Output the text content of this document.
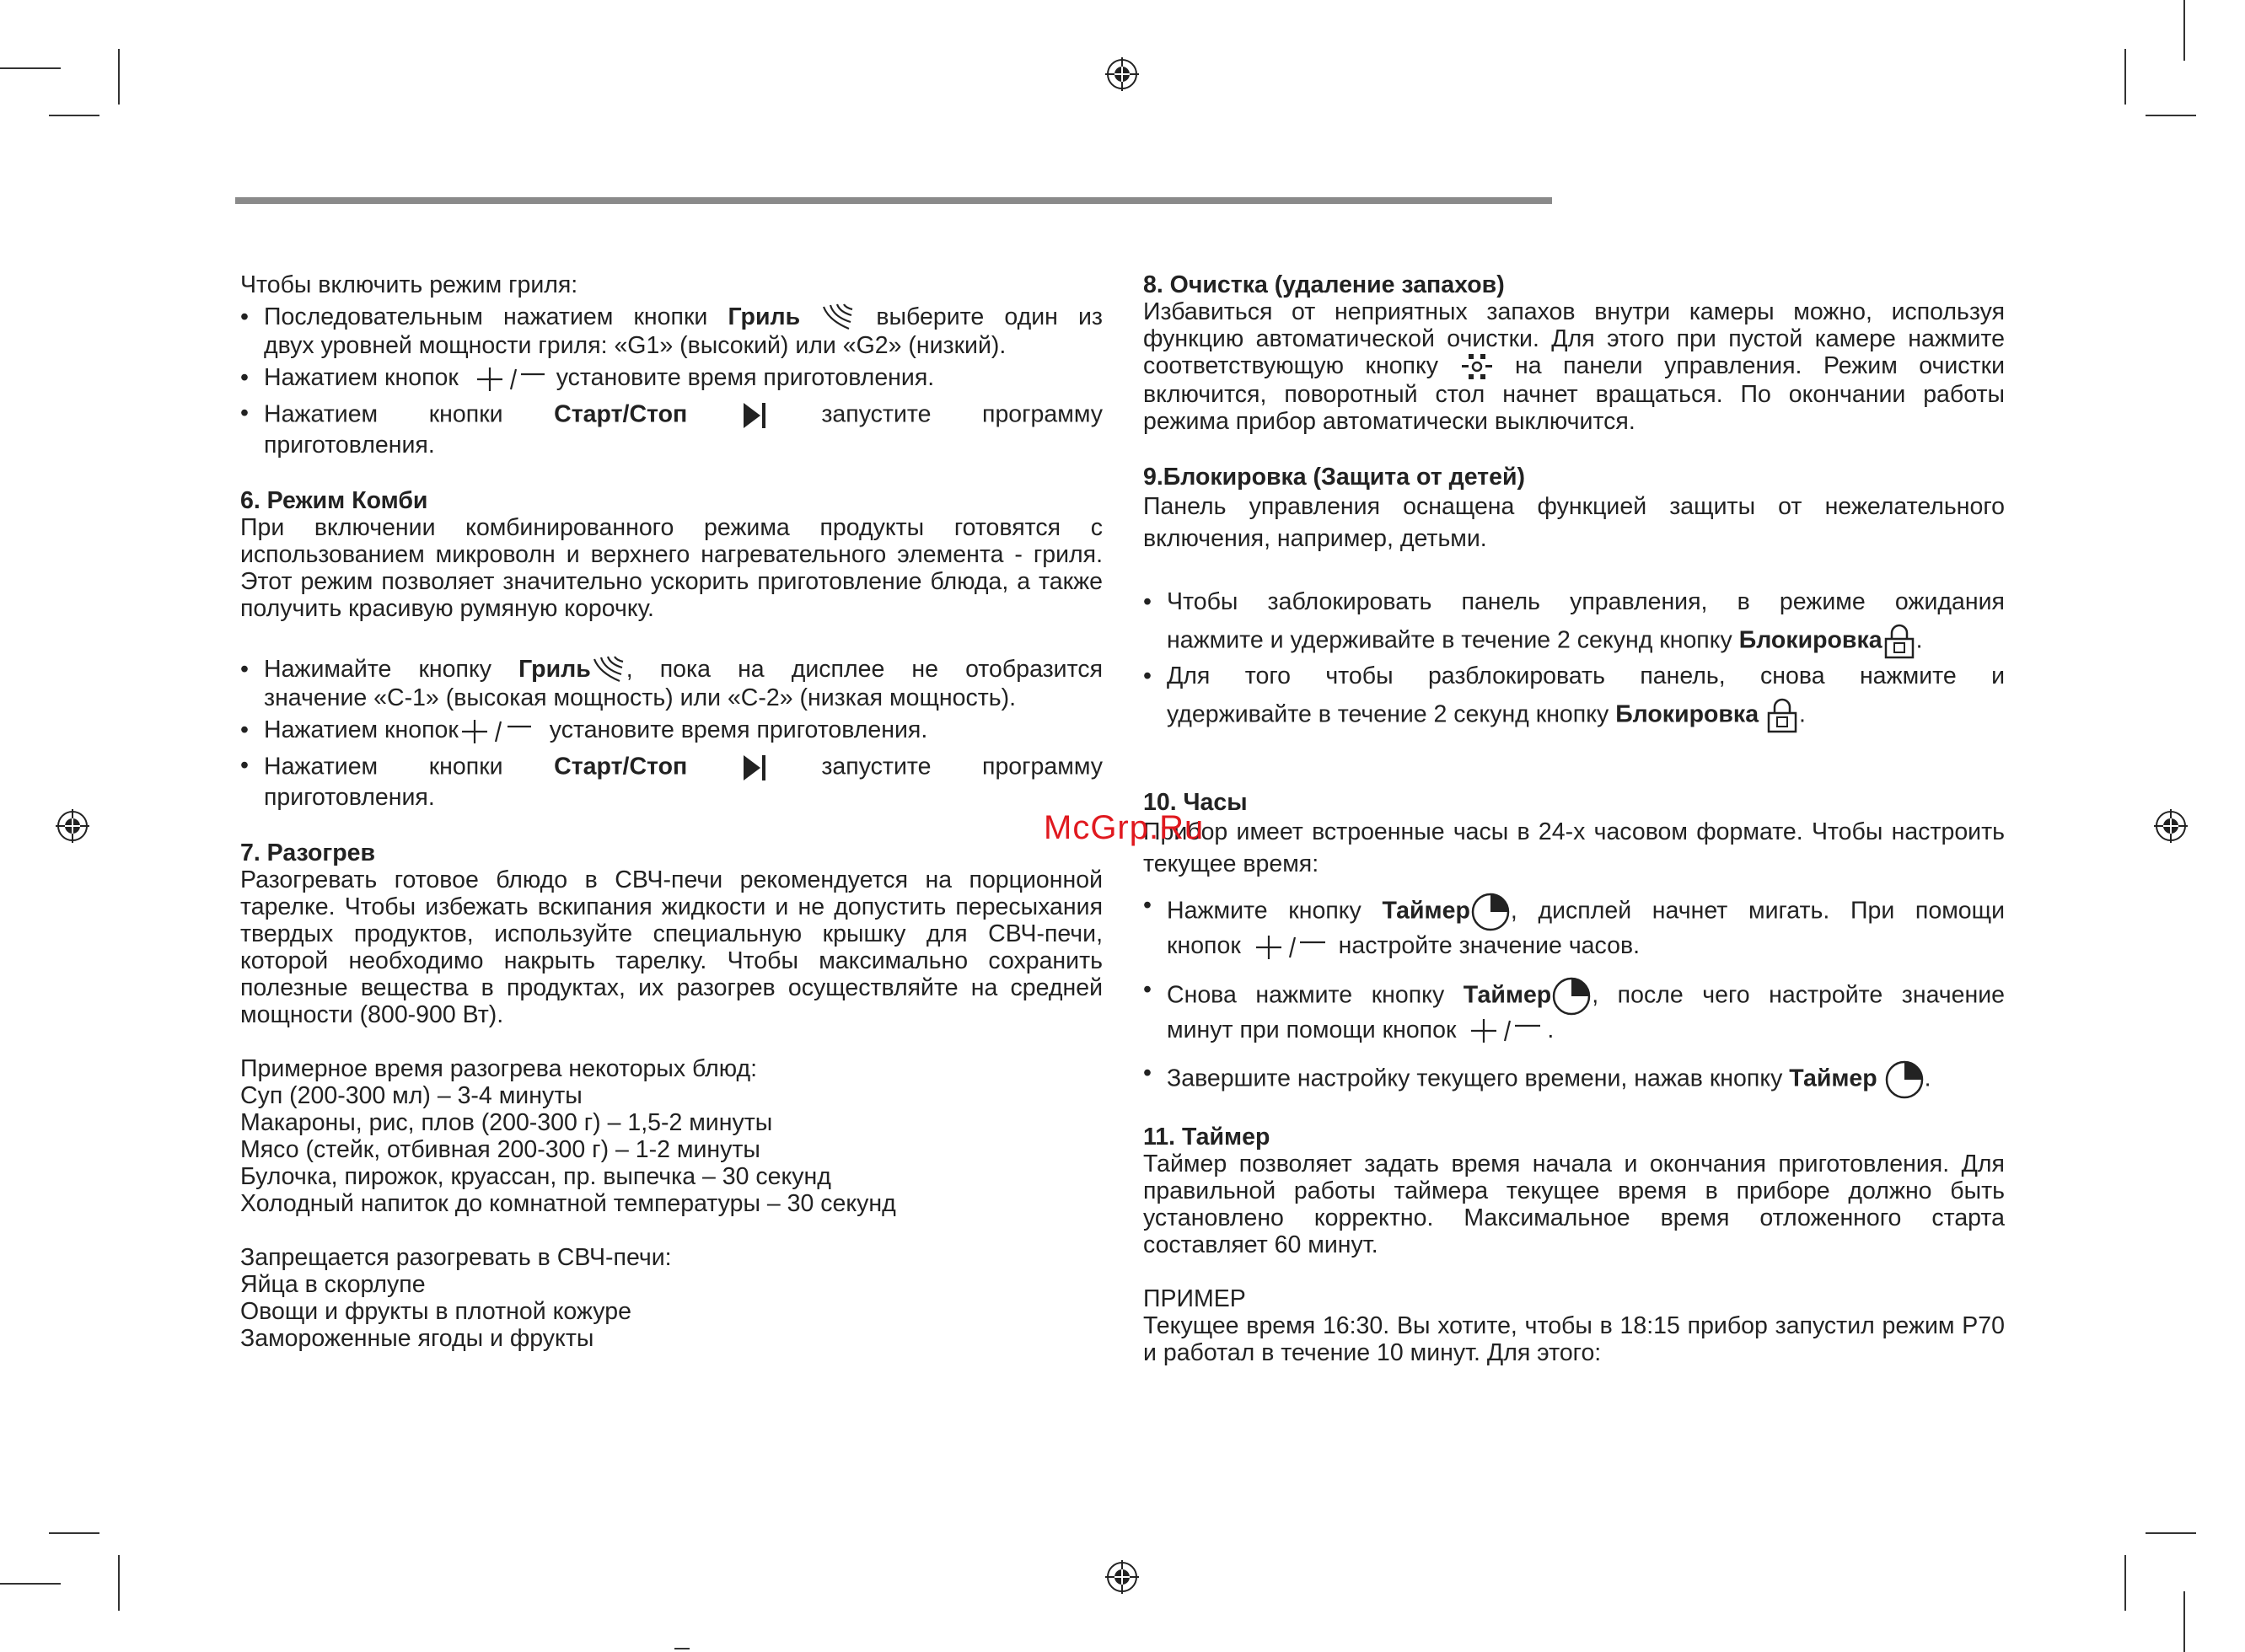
Чтобы включить режим гриля:

• Последовательным нажатием кнопки Гриль	выберите один из

двух уровней мощности гриля: «G1» (высокий) или «G2» (низкий).

• Нажатием кнопок	установите время приготовления.
• Нажатием кнопки Старт/Стоп	запустите программу

приготовления.

6. Режим Комби

При включении комбинированного режима продукты готовятся с использованием микроволн и верхнего нагревательного элемента - гриля. Этот режим позволяет значительно ускорить приготовление блюда, а также получить красивую румяную корочку.

• Нажимайте кнопку Гриль , пока на дисплее не отобразится

значение «С-1» (высокая мощность) или «С-2» (низкая мощность).

• Нажатием кнопок	установите время приготовления.
• Нажатием кнопки Старт/Стоп	запустите программу

приготовления.

7. Разогрев

Разогревать готовое блюдо в СВЧ-печи рекомендуется на порционной тарелке. Чтобы избежать вскипания жидкости и не допустить пересыхания твердых продуктов, используйте специальную крышку для СВЧ-печи, которой необходимо накрыть тарелку. Чтобы максимально сохранить полезные вещества в продуктах, их разогрев осуществляйте на средней мощности (800-900 Вт).

Примерное время разогрева некоторых блюд:

Суп (200-300 мл) – 3-4 минуты

Макароны, рис, плов (200-300 г) – 1,5-2 минуты

Мясо (стейк, отбивная 200-300 г) – 1-2 минуты

Булочка, пирожок, круассан, пр. выпечка – 30 секунд

Холодный напиток до комнатной температуры – 30 секунд

Запрещается разогревать в СВЧ-печи:

Яйца в скорлупе

Овощи и фрукты в плотной кожуре

Замороженные ягоды и фрукты

8. Очистка (удаление запахов)

Избавиться от неприятных запахов внутри камеры можно, используя функцию автоматической очистки. Для этого при пустой камере нажмите соответствующую кнопку	на панели управления. Режим очистки включится, поворотный стол начнет вращаться. По окончании работы режима прибор автоматически выключится.

9.Блокировка (Защита от детей)

Панель управления оснащена функцией защиты от нежелательного включения, например, детьми.

• Чтобы заблокировать панель управления, в режиме ожидания

нажмите и удерживайте в течение 2 секунд кнопку Блокировка .

• Для того чтобы разблокировать панель, снова нажмите и

удерживайте в течение 2 секунд кнопку Блокировка .

10. Часы

Прибор имеет встроенные часы в 24-х часовом формате. Чтобы настроить текущее время:

• Нажмите кнопку Таймер , дисплей начнет мигать. При помощи

кнопок	настройте значение часов.

• Снова нажмите кнопку Таймер , после чего настройте значение

минут при помощи кнопок	.

• Завершите настройку текущего времени, нажав кнопку Таймер .

11. Таймер

Таймер позволяет задать время начала и окончания приготовления. Для правильной работы таймера текущее время в приборе должно быть установлено корректно. Максимальное время отложенного старта составляет 60 минут.

ПРИМЕР

Текущее время 16:30. Вы хотите, чтобы в 18:15 прибор запустил режим Р70 и работал в течение 10 минут. Для этого:

McGrp.Ru
